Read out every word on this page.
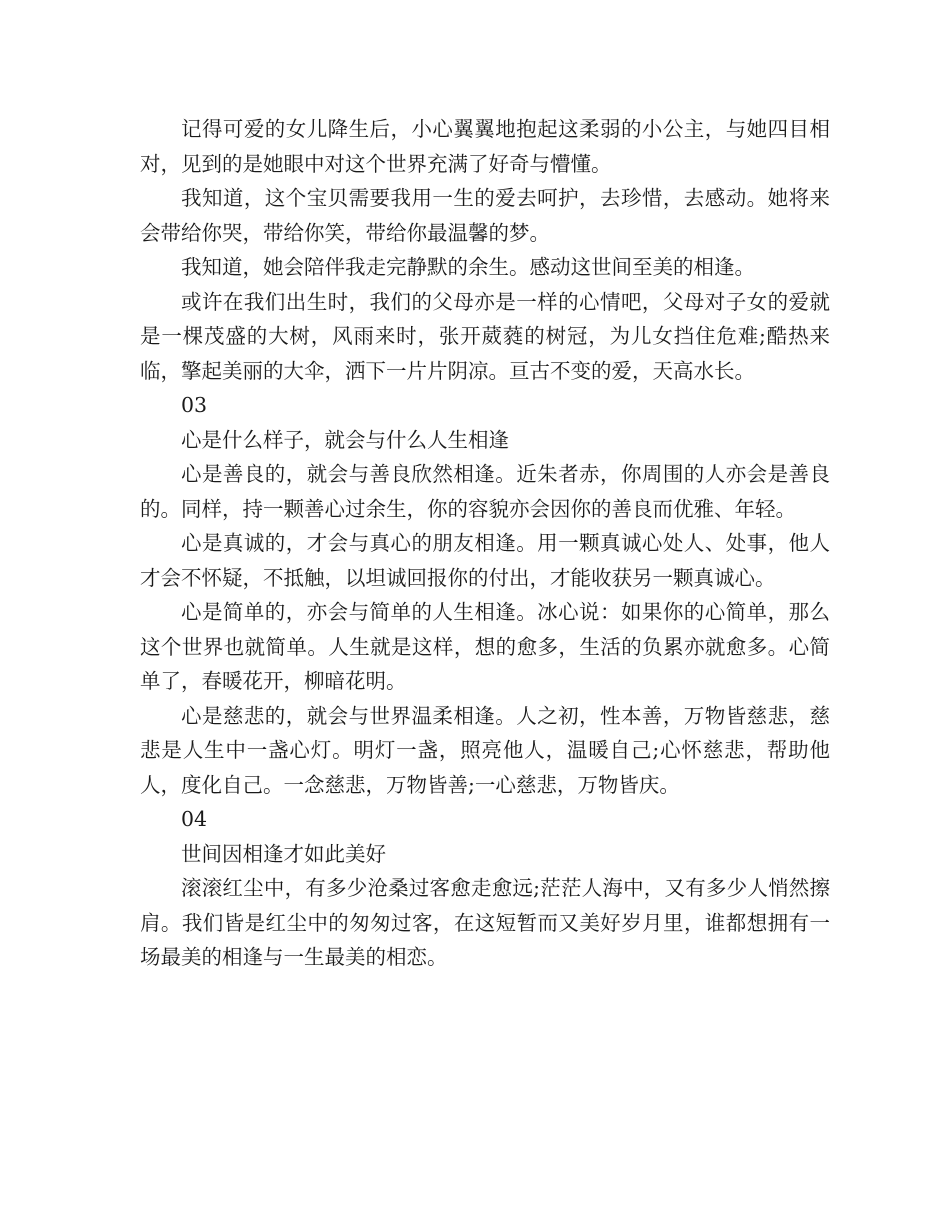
记得可爱的女儿降生后，小心翼翼地抱起这柔弱的小公主，与她四目相对，见到的是她眼中对这个世界充满了好奇与懵懂。

我知道，这个宝贝需要我用一生的爱去呵护，去珍惜，去感动。她将来会带给你哭，带给你笑，带给你最温馨的梦。

我知道，她会陪伴我走完静默的余生。感动这世间至美的相逢。

或许在我们出生时，我们的父母亦是一样的心情吧，父母对子女的爱就是一棵茂盛的大树，风雨来时，张开葳蕤的树冠，为儿女挡住危难;酷热来临，擎起美丽的大伞，洒下一片片阴凉。亘古不变的爱，天高水长。

03

心是什么样子，就会与什么人生相逢

心是善良的，就会与善良欣然相逢。近朱者赤，你周围的人亦会是善良的。同样，持一颗善心过余生，你的容貌亦会因你的善良而优雅、年轻。

心是真诚的，才会与真心的朋友相逢。用一颗真诚心处人、处事，他人才会不怀疑，不抵触，以坦诚回报你的付出，才能收获另一颗真诚心。

心是简单的，亦会与简单的人生相逢。冰心说：如果你的心简单，那么这个世界也就简单。人生就是这样，想的愈多，生活的负累亦就愈多。心简单了，春暖花开，柳暗花明。

心是慈悲的，就会与世界温柔相逢。人之初，性本善，万物皆慈悲，慈悲是人生中一盏心灯。明灯一盏，照亮他人，温暖自己;心怀慈悲，帮助他人，度化自己。一念慈悲，万物皆善;一心慈悲，万物皆庆。

04

世间因相逢才如此美好

滚滚红尘中，有多少沧桑过客愈走愈远;茫茫人海中，又有多少人悄然擦肩。我们皆是红尘中的匆匆过客，在这短暂而又美好岁月里，谁都想拥有一场最美的相逢与一生最美的相恋。
